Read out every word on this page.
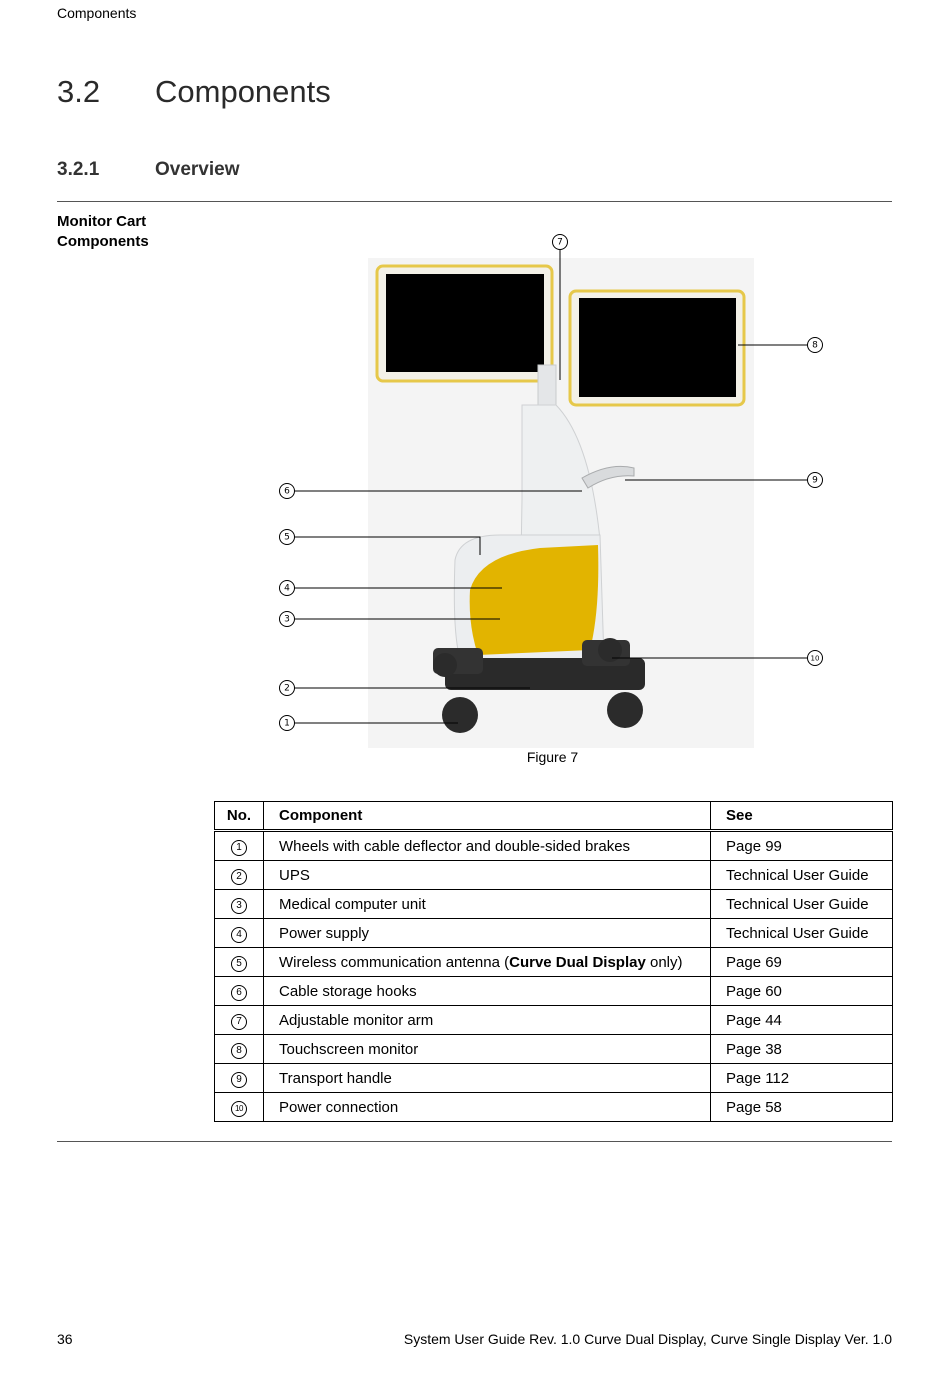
Components
3.2 Components
3.2.1	Overview
Monitor Cart Components
1
2
3
4
5
6
7
8
9
10
Figure 7
No.	Component	See
1	Wheels with cable deflector and double-sided brakes	Page 99
2	UPS	Technical User Guide
3	Medical computer unit	Technical User Guide
4	Power supply	Technical User Guide
5	Wireless communication antenna (Curve Dual Display only)	Page 69
6	Cable storage hooks	Page 60
7	Adjustable monitor arm	Page 44
8	Touchscreen monitor	Page 38
9	Transport handle	Page 112
10	Power connection	Page 58
36	System User Guide Rev. 1.0 Curve Dual Display, Curve Single Display Ver. 1.0
